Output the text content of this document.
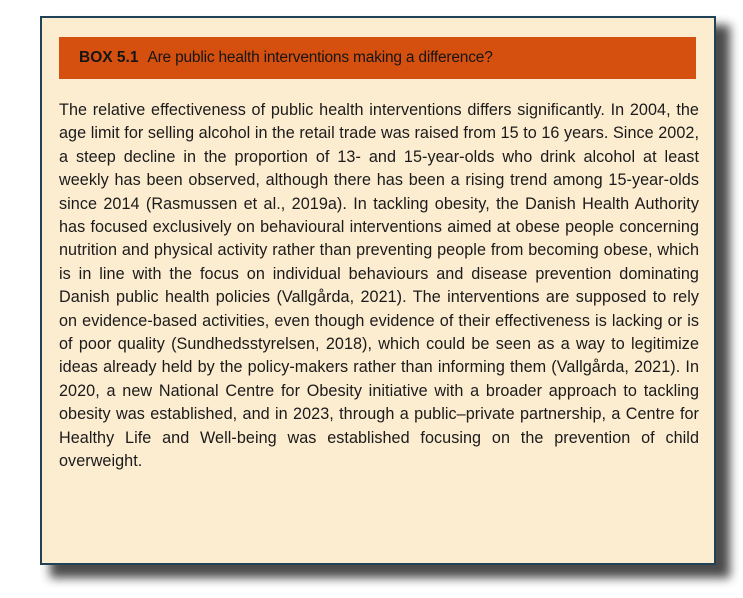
BOX 5.1 Are public health interventions making a difference?

The relative effectiveness of public health interventions differs significantly. In 2004, the age limit for selling alcohol in the retail trade was raised from 15 to 16 years. Since 2002, a steep decline in the proportion of 13- and 15-year-olds who drink alcohol at least weekly has been observed, although there has been a rising trend among 15-year-olds since 2014 (Rasmussen et al., 2019a). In tackling obesity, the Danish Health Authority has focused exclusively on behavioural interventions aimed at obese people concerning nutrition and physical activity rather than preventing people from becoming obese, which is in line with the focus on individual behaviours and disease prevention dominating Danish public health policies (Vallgårda, 2021). The interventions are supposed to rely on evidence-based activities, even though evidence of their effectiveness is lacking or is of poor quality (Sundhedsstyrelsen, 2018), which could be seen as a way to legitimize ideas already held by the policy-makers rather than informing them (Vallgårda, 2021). In 2020, a new National Centre for Obesity initiative with a broader approach to tackling obesity was established, and in 2023, through a public–private partnership, a Centre for Healthy Life and Well-being was established focusing on the prevention of child overweight.
